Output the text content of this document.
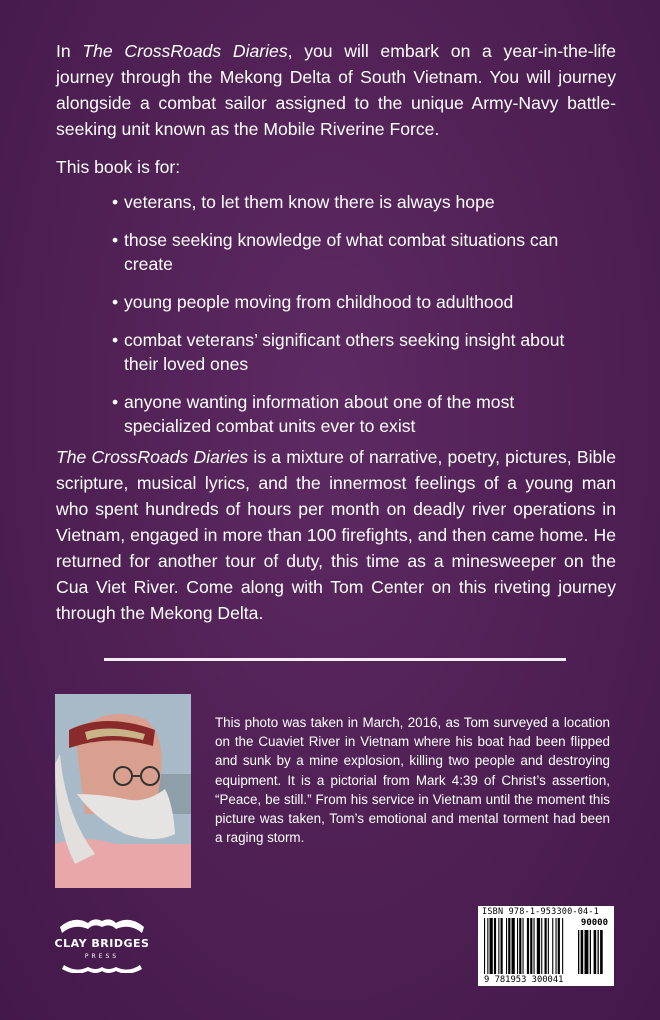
In The CrossRoads Diaries, you will embark on a year-in-the-life journey through the Mekong Delta of South Vietnam. You will journey alongside a combat sailor assigned to the unique Army-Navy battle-seeking unit known as the Mobile Riverine Force.
This book is for:
• veterans, to let them know there is always hope
• those seeking knowledge of what combat situations can create
• young people moving from childhood to adulthood
• combat veterans’ significant others seeking insight about their loved ones
• anyone wanting information about one of the most specialized combat units ever to exist
The CrossRoads Diaries is a mixture of narrative, poetry, pictures, Bible scripture, musical lyrics, and the innermost feelings of a young man who spent hundreds of hours per month on deadly river operations in Vietnam, engaged in more than 100 firefights, and then came home. He returned for another tour of duty, this time as a minesweeper on the Cua Viet River. Come along with Tom Center on this riveting journey through the Mekong Delta.
This photo was taken in March, 2016, as Tom surveyed a location on the Cuaviet River in Vietnam where his boat had been flipped and sunk by a mine explosion, killing two people and destroying equipment. It is a pictorial from Mark 4:39 of Christ’s assertion, “Peace, be still.” From his service in Vietnam until the moment this picture was taken, Tom’s emotional and mental torment had been a raging storm.
CLAY BRIDGES
PRESS
ISBN 978-1-953300-04-1
90000
9 781953 300041
